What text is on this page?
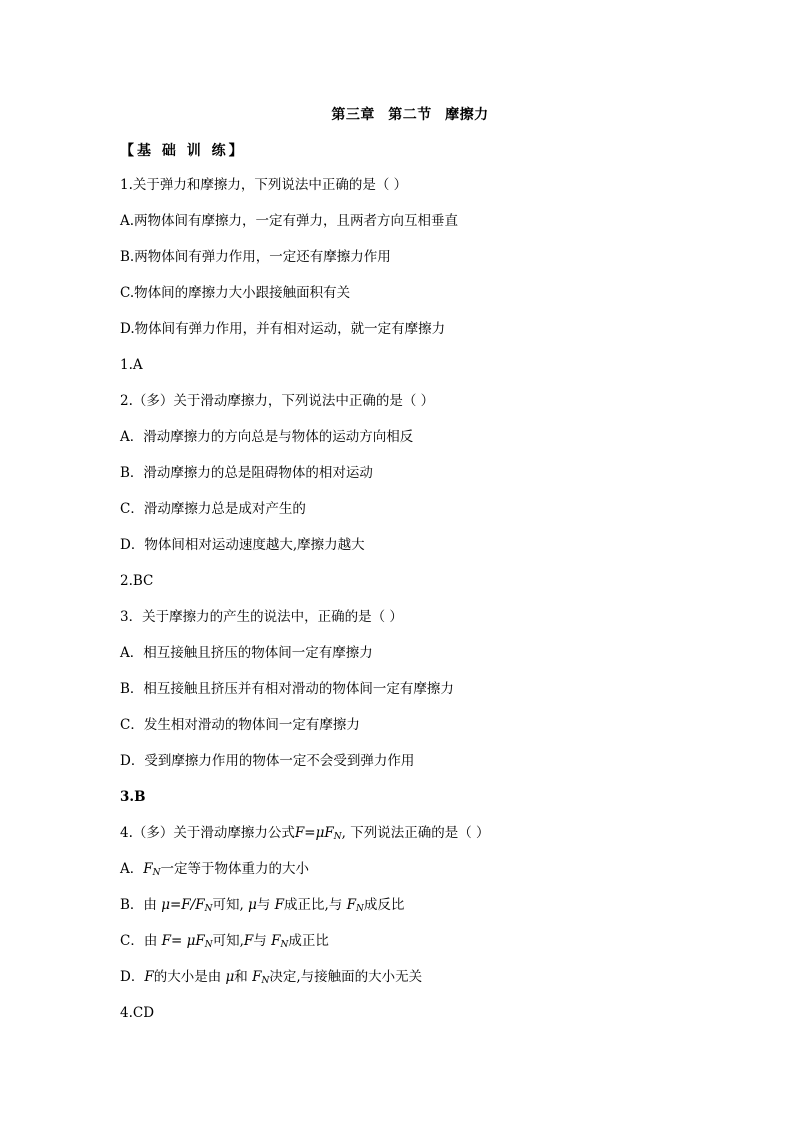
第三章 第二节 摩擦力
【基 础 训 练】
1.关于弹力和摩擦力，下列说法中正确的是（ ）
A.两物体间有摩擦力，一定有弹力，且两者方向互相垂直
B.两物体间有弹力作用，一定还有摩擦力作用
C.物体间的摩擦力大小跟接触面积有关
D.物体间有弹力作用，并有相对运动，就一定有摩擦力
1.A
2.（多）关于滑动摩擦力，下列说法中正确的是（ ）
A．滑动摩擦力的方向总是与物体的运动方向相反
B．滑动摩擦力的总是阻碍物体的相对运动
C．滑动摩擦力总是成对产生的
D．物体间相对运动速度越大,摩擦力越大
2.BC
3．关于摩擦力的产生的说法中，正确的是（ ）
A．相互接触且挤压的物体间一定有摩擦力
B．相互接触且挤压并有相对滑动的物体间一定有摩擦力
C．发生相对滑动的物体间一定有摩擦力
D．受到摩擦力作用的物体一定不会受到弹力作用
3.B
4.（多）关于滑动摩擦力公式$F=\mu F_N$, 下列说法正确的是（ ）
A．$F_N$一定等于物体重力的大小
B．由 $\mu=F/F_N$可知, μ与 F成正比,与 $F_N$成反比
C．由 $F= \mu F_N$可知,F与 $F_N$成正比
D．F的大小是由 μ和 $F_N$决定,与接触面的大小无关
4.CD
